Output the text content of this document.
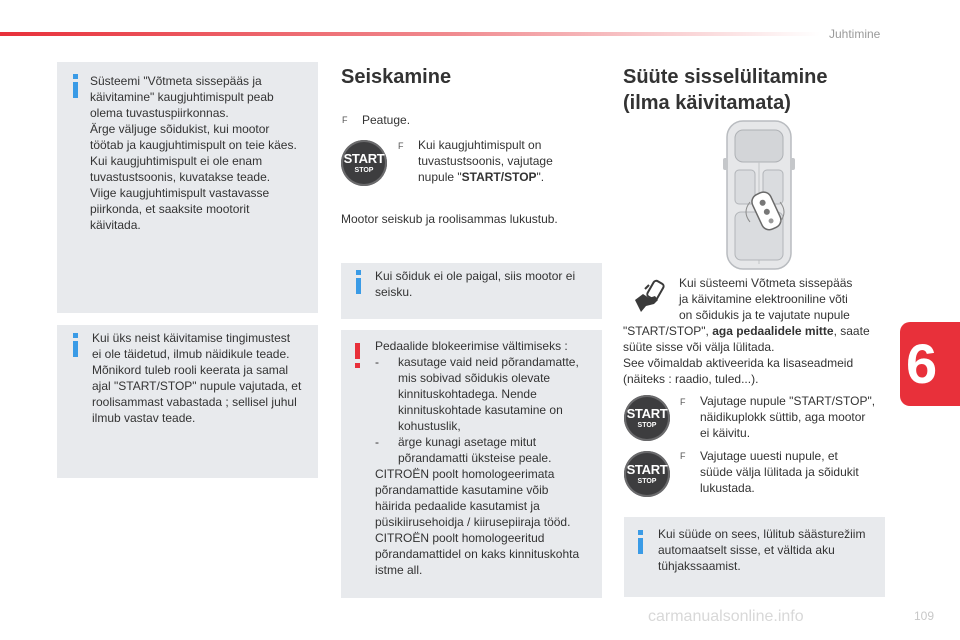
Juhtimine
6

Süsteemi "Võtmeta sissepääs ja

käivitamine" kaugjuhtimispult peab

olema tuvastuspiirkonnas.

Ärge väljuge sõidukist, kui mootor

töötab ja kaugjuhtimispult on teie käes.

Kui kaugjuhtimispult ei ole enam

tuvastustsoonis, kuvatakse teade.

Viige kaugjuhtimispult vastavasse

piirkonda, et saaksite mootorit

käivitada.

Kui üks neist käivitamise tingimustest

ei ole täidetud, ilmub näidikule teade.

Mõnikord tuleb rooli keerata ja samal

ajal "START/STOP" nupule vajutada, et

roolisammast vabastada ; sellisel juhul

ilmub vastav teade.

Seiskamine
F Peatuge.
START
STOP
F Kui kaugjuhtimispult on

tuvastustsoonis, vajutage

nupule "START/STOP".

Mootor seiskub ja roolisammas lukustub.

Kui sõiduk ei ole paigal, siis mootor ei

seisku.

Pedaalide blokeerimise vältimiseks :

- kasutage vaid neid põrandamatte,

mis sobivad sõidukis olevate

kinnituskohtadega. Nende

kinnituskohtade kasutamine on

kohustuslik,

- ärge kunagi asetage mitut

põrandamatti üksteise peale.

CITROËN poolt homologeerimata

põrandamattide kasutamine võib

häirida pedaalide kasutamist ja

püsikiirusehoidja / kiirusepiiraja tööd.

CITROËN poolt homologeeritud

põrandamattidel on kaks kinnituskohta

istme all.

Süüte sisselülitamine
(ilma käivitamata)

Kui süsteemi Võtmeta sissepääs

ja käivitamine elektrooniline võti

on sõidukis ja te vajutate nupule

"START/STOP", aga pedaalidele mitte, saate

süüte sisse või välja lülitada.

See võimaldab aktiveerida ka lisaseadmeid

(näiteks : raadio, tuled...).

START
STOP
F Vajutage nupule "START/STOP",

näidikuplokk süttib, aga mootor

ei käivitu.

START
STOP
F Vajutage uuesti nupule, et

süüde välja lülitada ja sõidukit

lukustada.

Kui süüde on sees, lülitub säästurežiim

automaatselt sisse, et vältida aku

tühjakssaamist.

carmanualsonline.info	109
